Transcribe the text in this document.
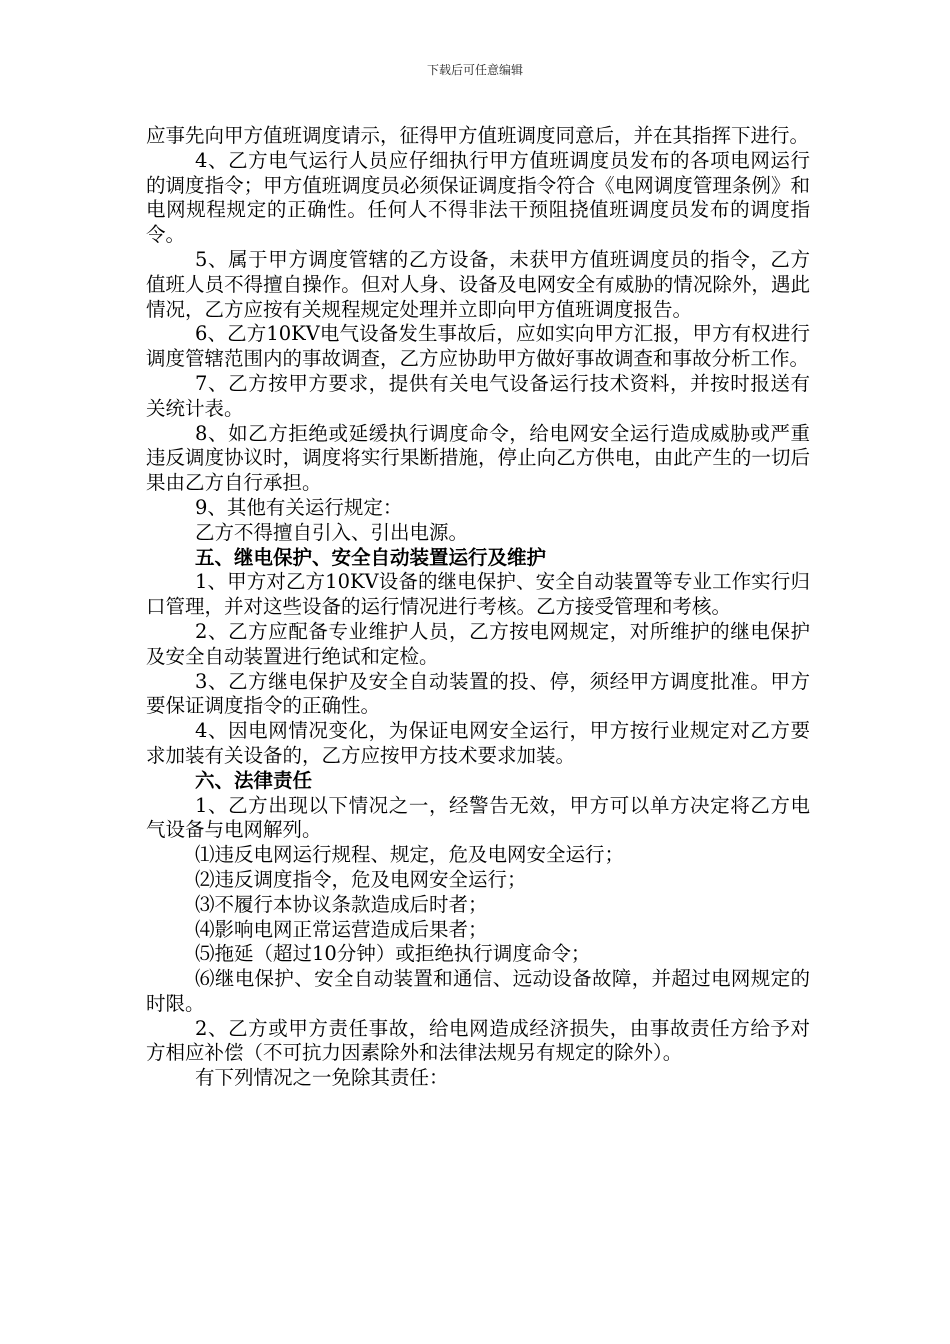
下载后可任意编辑

应事先向甲方值班调度请示，征得甲方值班调度同意后，并在其指挥下进行。

4、乙方电气运行人员应仔细执行甲方值班调度员发布的各项电网运行的调度指令；甲方值班调度员必须保证调度指令符合《电网调度管理条例》和电网规程规定的正确性。任何人不得非法干预阻挠值班调度员发布的调度指令。

5、属于甲方调度管辖的乙方设备，未获甲方值班调度员的指令，乙方值班人员不得擅自操作。但对人身、设备及电网安全有威胁的情况除外，遇此情况，乙方应按有关规程规定处理并立即向甲方值班调度报告。

6、乙方10KV电气设备发生事故后，应如实向甲方汇报，甲方有权进行调度管辖范围内的事故调查，乙方应协助甲方做好事故调查和事故分析工作。

7、乙方按甲方要求，提供有关电气设备运行技术资料，并按时报送有关统计表。

8、如乙方拒绝或延缓执行调度命令，给电网安全运行造成威胁或严重违反调度协议时，调度将实行果断措施，停止向乙方供电，由此产生的一切后果由乙方自行承担。

9、其他有关运行规定：

乙方不得擅自引入、引出电源。

五、继电保护、安全自动装置运行及维护

1、甲方对乙方10KV设备的继电保护、安全自动装置等专业工作实行归口管理，并对这些设备的运行情况进行考核。乙方接受管理和考核。

2、乙方应配备专业维护人员，乙方按电网规定，对所维护的继电保护及安全自动装置进行绝试和定检。

3、乙方继电保护及安全自动装置的投、停，须经甲方调度批准。甲方要保证调度指令的正确性。

4、因电网情况变化，为保证电网安全运行，甲方按行业规定对乙方要求加装有关设备的，乙方应按甲方技术要求加装。

六、法律责任

1、乙方出现以下情况之一，经警告无效，甲方可以单方决定将乙方电气设备与电网解列。

⑴违反电网运行规程、规定，危及电网安全运行；

⑵违反调度指令，危及电网安全运行；

⑶不履行本协议条款造成后时者；

⑷影响电网正常运营造成后果者；

⑸拖延（超过10分钟）或拒绝执行调度命令；

⑹继电保护、安全自动装置和通信、远动设备故障，并超过电网规定的时限。

2、乙方或甲方责任事故，给电网造成经济损失，由事故责任方给予对方相应补偿（不可抗力因素除外和法律法规另有规定的除外）。

有下列情况之一免除其责任：
